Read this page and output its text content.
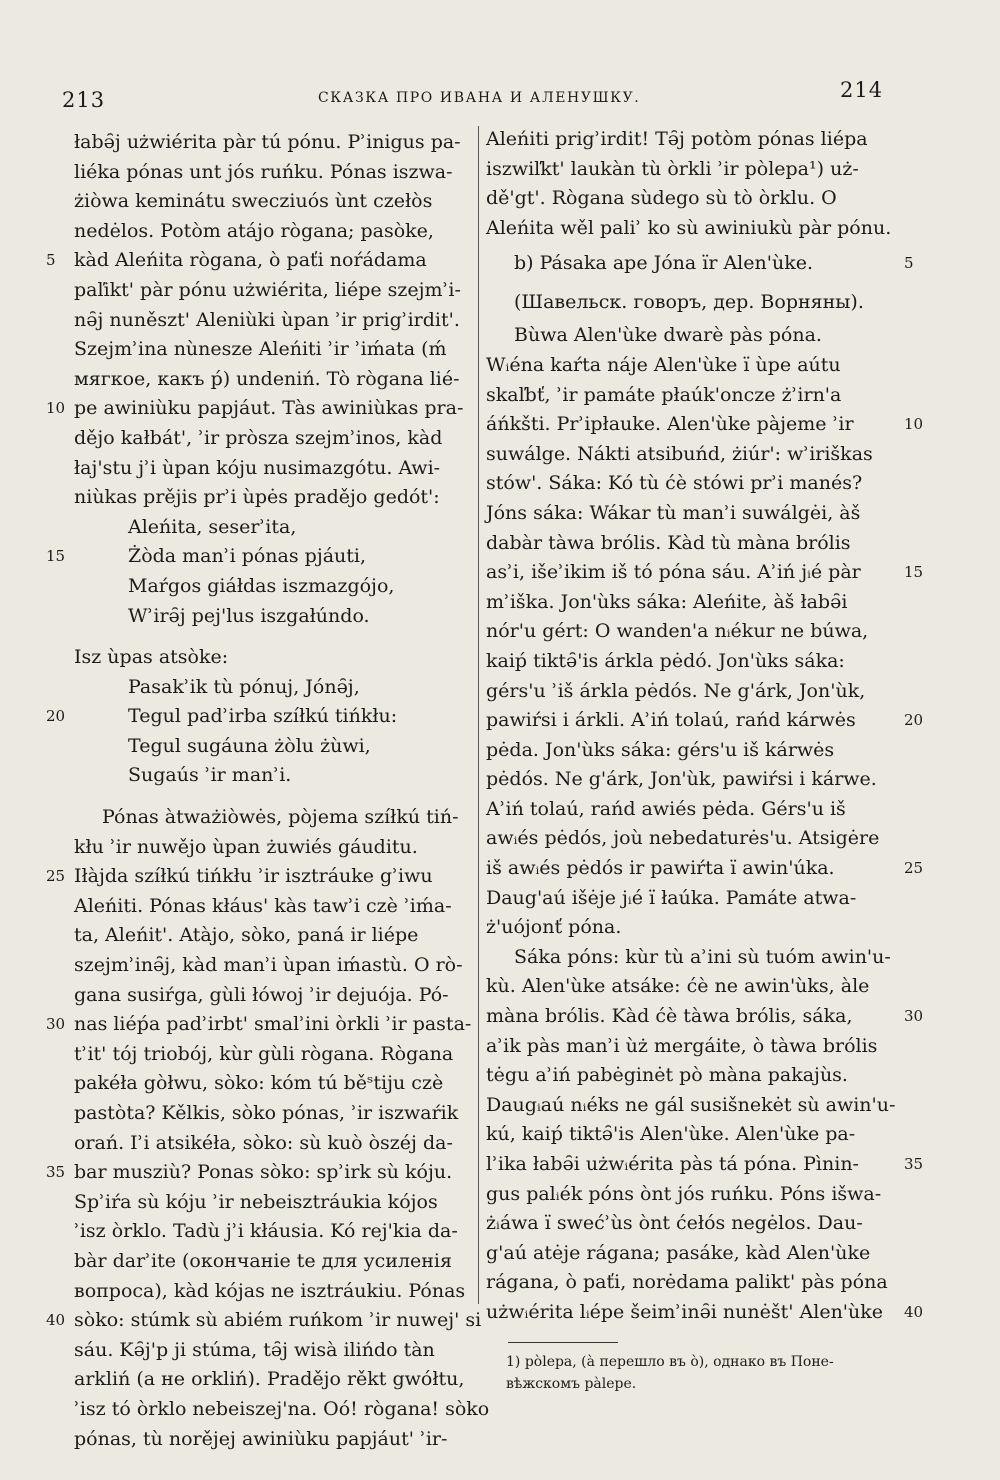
213	СКАЗКА ПРО ИВАНА И АЛЕНУШКУ.	214
łabǝ̑j użwiérita pàr tú pónu. Pʾinigus pa-
liéka pónas unt jós ruńku. Pónas iszwa-
żiòwa keminátu swecziuós ùnt czełòs
nedėlos. Potòm atájo rògana; pasòke,
kàd Aleńita rògana, ò paťi noŕádama
5
paľikt' pàr pónu użwiérita, liépe szejmʾi-
nǝ̑j nuněszt' Aleniùki ùpan ʾir prigʾirdit'.
Szejmʾina nùnesze Aleńiti ʾir ʾiḿata (ḿ
мягкое, какъ ṕ) undeniń. Tò rògana lié-
pe awiniùku papjáut. Tàs awiniùkas pra-
10
dějo kałbát', ʾir pròsza szejmʾinos, kàd
łaj'stu jʾi ùpan kóju nusimazgótu. Awi-
niùkas prějis prʾi ùpės pradějo gedót':
Aleńita, seserʾita,
Żòda manʾi pónas pjáuti,
15
Maŕgos giáłdas iszmazgójo,
Wʾirǝ̑j pej'lus iszgałúndo.
Isz ùpas atsòke:
Pasakʾik tù pónuj, Jónǝ̑j,
Tegul padʾirba szíłkú tińkłu:
20
Tegul sugáuna żòlu żùwi,
Sugaús ʾir manʾi.
Pónas àtważiòwės, pòjema szíłkú tiń-
kłu ʾir nuwějo ùpan żuwiés gáuditu.
Iłàjda szíłkú tińkłu ʾir isztráuke gʾiwu
25
Aleńiti. Pónas kłáus' kàs tawʾi czè ʾiḿa-
ta, Aleńit'. Atàjo, sòko, paná ir liépe
szejmʾinǝ̑j, kàd manʾi ùpan iḿastù. O rò-
gana susiŕga, gùli łówoj ʾir dejuója. Pó-
nas liéṕa padʾirbt' smalʾini òrkli ʾir pasta-
30
tʾit' tój triobój, kùr gùli rògana. Rògana
pakéła gòłwu, sòko: kóm tú běˢtiju czè
pastòta? Kělkis, sòko pónas, ʾir iszwaŕik
orań. Iʾi atsikéła, sòko: sù kuò òszéj da-
bar musziù? Ponas sòko: spʾirk sù kóju.
35
Spʾiŕa sù kóju ʾir nebeisztráukia kójos
ʾisz òrklo. Tadù jʾi kłáusia. Kó rej'kia da-
bàr darʾite (окончаніе te для усиленія
вопроса), kàd kójas ne isztráukiu. Pónas
sòko: stúmk sù abiém ruńkom ʾir nuwej' si
40
sáu. Kǝ̑j'p ji stúma, tǝ̑j wisà ilińdo tàn
arkliń (a не orkliń). Pradějo rěkt gwółtu,
ʾisz tó òrklo nebeiszej'na. Oó! rògana! sòko
pónas, tù norějej awiniùku papjáut' ʾir-
Aleńiti prigʾirdit! Tǝ̑j potòm pónas liépa
iszwiľkt' laukàn tù òrkli ʾir pòlepa¹) uż-
dě'gt'. Rògana sùdego sù tò òrklu. O
Aleńita wěl paliʾ ko sù awiniukù pàr pónu.
b) Pásaka ape Jóna ïr Alen'ùke.	5
(Шавельск. говоръ, дер. Ворняны).
Bùwa Alen'ùke dwarè pàs póna.
Wᵢéna kaŕta náje Alen'ùke ï ùpe aútu
skaľbť, ʾir památe płaúk'oncze żʾirn'a
áńkšti. Prʾipłauke. Alen'ùke pàjeme ʾir	10
suwálge. Nákti atsibuńd, żiúr': wʾiriškas
stów'. Sáka: Kó tù ćè stówi prʾi manés?
Jóns sáka: Wákar tù manʾi suwálgėi, àš
dabàr tàwa brólis. Kàd tù màna brólis
asʾi, išeʾikim iš tó póna sáu. Aʾiń jᵢé pàr	15
mʾiška. Jon'ùks sáka: Aleńite, àš łabǝ̑i
nór'u gért: O wanden'a nᵢékur ne búwa,
kaiṕ tiktǝ̑'is árkla pėdó. Jon'ùks sáka:
gérs'u ʾiš árkla pėdós. Ne g'árk, Jon'ùk,
pawiŕsi i árkli. Aʾiń tolaú, rańd kárwės	20
pėda. Jon'ùks sáka: gérs'u iš kárwės
pėdós. Ne g'árk, Jon'ùk, pawiŕsi i kárwe.
Aʾiń tolaú, rańd awiés pėda. Gérs'u iš
awᵢés pėdós, joù nebedaturės'u. Atsigėre
iš awᵢés pėdós ir pawiŕta ï awin'úka.	25
Daug'aú išėje jᵢé ï łaúka. Památe atwa-
ż'uójonť póna.
Sáka póns: kùr tù aʾini sù tuóm awin'u-
kù. Alen'ùke atsáke: ćè ne awin'ùks, àle
màna brólis. Kàd ćè tàwa brólis, sáka,	30
aʾik pàs manʾi ùż mergáite, ò tàwa brólis
tėgu aʾiń pabėginėt pò màna pakajùs.
Daugᵢaú nᵢéks ne gál susišnekėt sù awin'u-
kú, kaiṕ tiktǝ̑'is Alen'ùke. Alen'ùke pa-
lʾika łabǝ̑i użwᵢérita pàs tá póna. Pìnin-	35
gus palᵢék póns ònt jós ruńku. Póns išwa-
żᵢáwa ï swećʾùs ònt ćełós negėlos. Dau-
g'aú atėje rágana; pasáke, kàd Alen'ùke
rágana, ò paťi, norėdama palikt' pàs póna
użwᵢérita lᵢépe šeimʾinǝ̑i nunėšt' Alen'ùke 40
1) pòlepa, (à перешло въ ò), однако въ Поне-
вѣжскомъ pàlepe.
